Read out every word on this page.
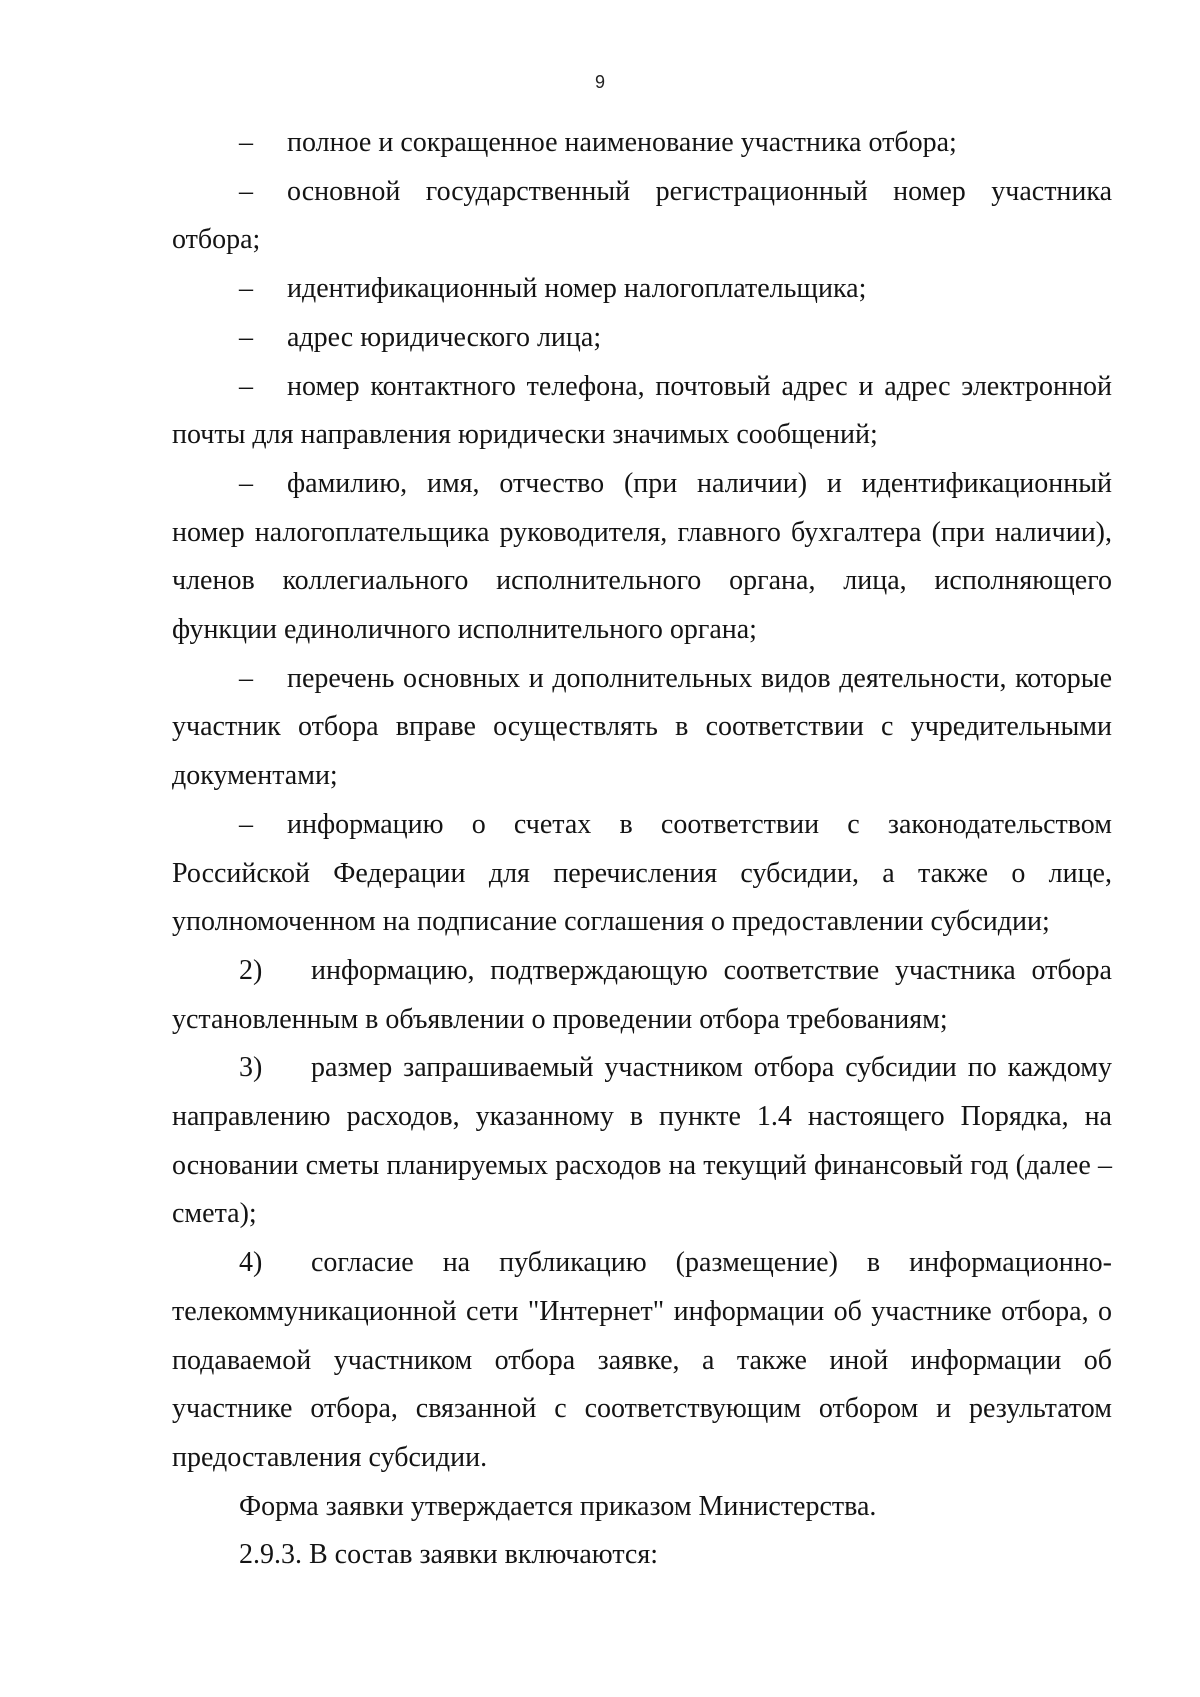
9

– полное и сокращенное наименование участника отбора;

– основной государственный регистрационный номер участника отбора;

– идентификационный номер налогоплательщика;

– адрес юридического лица;

– номер контактного телефона, почтовый адрес и адрес электронной почты для направления юридически значимых сообщений;

– фамилию, имя, отчество (при наличии) и идентификационный номер налогоплательщика руководителя, главного бухгалтера (при наличии), членов коллегиального исполнительного органа, лица, исполняющего функции единоличного исполнительного органа;

– перечень основных и дополнительных видов деятельности, которые участник отбора вправе осуществлять в соответствии с учредительными документами;

– информацию о счетах в соответствии с законодательством Российской Федерации для перечисления субсидии, а также о лице, уполномоченном на подписание соглашения о предоставлении субсидии;

2) информацию, подтверждающую соответствие участника отбора установленным в объявлении о проведении отбора требованиям;

3) размер запрашиваемый участником отбора субсидии по каждому направлению расходов, указанному в пункте 1.4 настоящего Порядка, на основании сметы планируемых расходов на текущий финансовый год (далее – смета);

4) согласие на публикацию (размещение) в информационно-телекоммуникационной сети "Интернет" информации об участнике отбора, о подаваемой участником отбора заявке, а также иной информации об участнике отбора, связанной с соответствующим отбором и результатом предоставления субсидии.

Форма заявки утверждается приказом Министерства.

2.9.3. В состав заявки включаются:
